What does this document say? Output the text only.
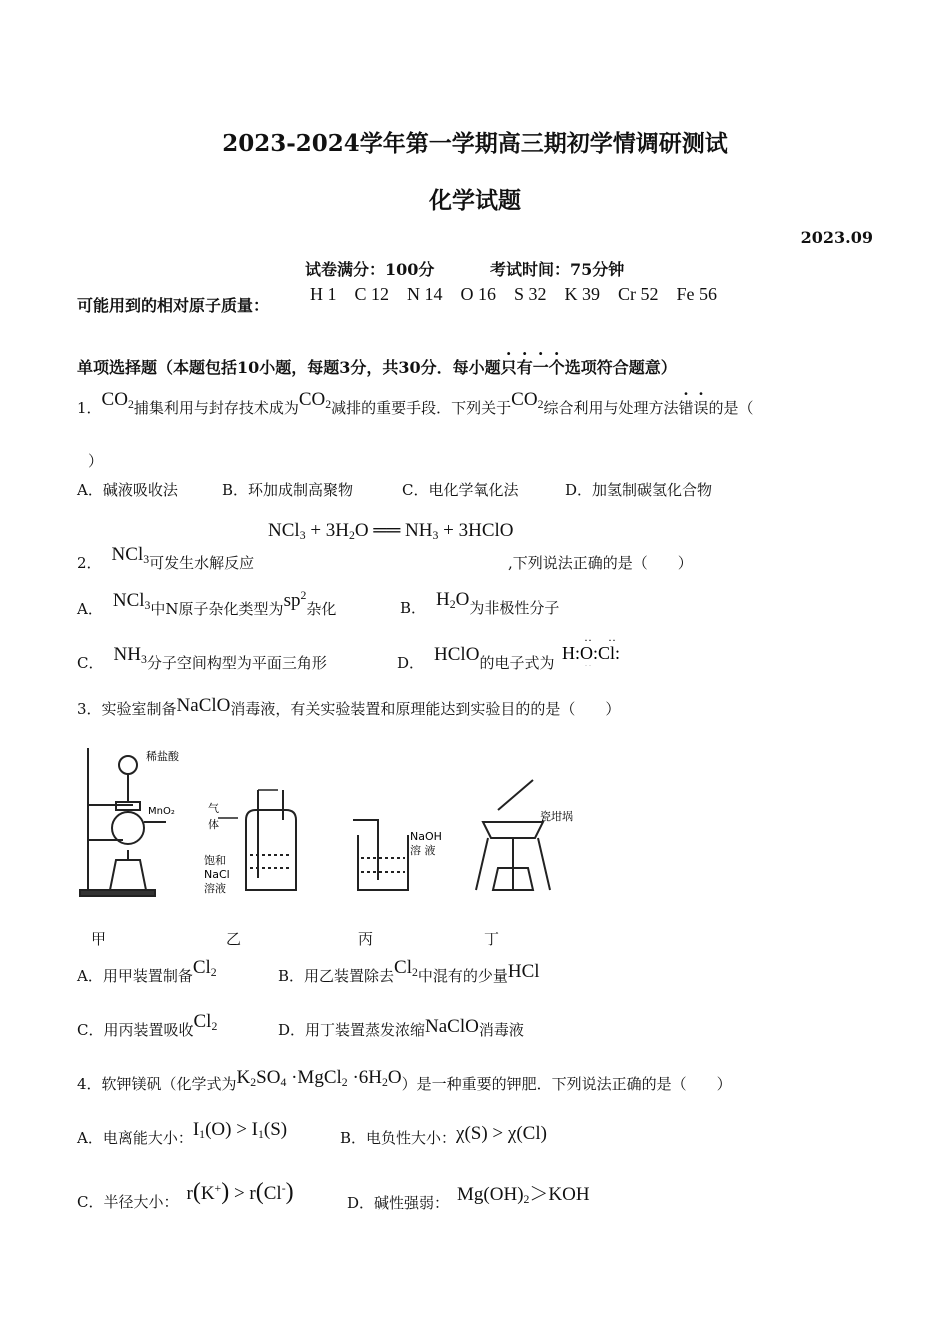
2023-2024学年第一学期高三期初学情调研测试
化学试题
2023.09
试卷满分：100分	考试时间：75分钟
可能用到的相对原子质量：
H 1 C 12 N 14 O 16 S 32 K 39 Cr 52 Fe 56
单项选择题（本题包括10小题，每题3分，共30分．每小题只有一个选项符合题意）
1．$CO_2$捕集利用与封存技术成为$CO_2$减排的重要手段．下列关于$CO_2$综合利用与处理方法错误的是（
）
A．碱液吸收法	B．环加成制高聚物	C．电化学氧化法	D．加氢制碳氢化合物
$NCl_3 + 3H_2O$ ══ $NH_3$ + 3HClO
2． NCl$_3$可发生水解反应	,下列说法正确的是（　　）
A． NCl$_3$中N原子杂化类型为$sp^2$杂化	B． $H_2O$为非极性分子
C． $NH_3$分子空间构型为平面三角形	D． HClO的电子式为 H:O:Cl:
··
··
··
3．实验室制备NaClO消毒液，有关实验装置和原理能达到实验目的的是（　　）
稀盐酸
MnO₂	气
体
饱和
NaCl
溶液
NaOH
溶 液
瓷坩埚
甲	乙	丙	丁
A．用甲装置制备$Cl_2$	B．用乙装置除去$Cl_2$中混有的少量HCl
C．用丙装置吸收$Cl_2$	D．用丁装置蒸发浓缩NaClO消毒液
4．软钾镁矾（化学式为$K_2SO_4$ ·MgCl$_2$ $\cdot 6H_2O$）是一种重要的钾肥．下列说法正确的是（　　）
A．电离能大小：$I_1(O) > I_1(S)$	B．电负性大小：χ(S) > χ(Cl)
C．半径大小： r(K+) > r(Cl-)	D．碱性强弱： $Mg(OH)_2>KOH$
